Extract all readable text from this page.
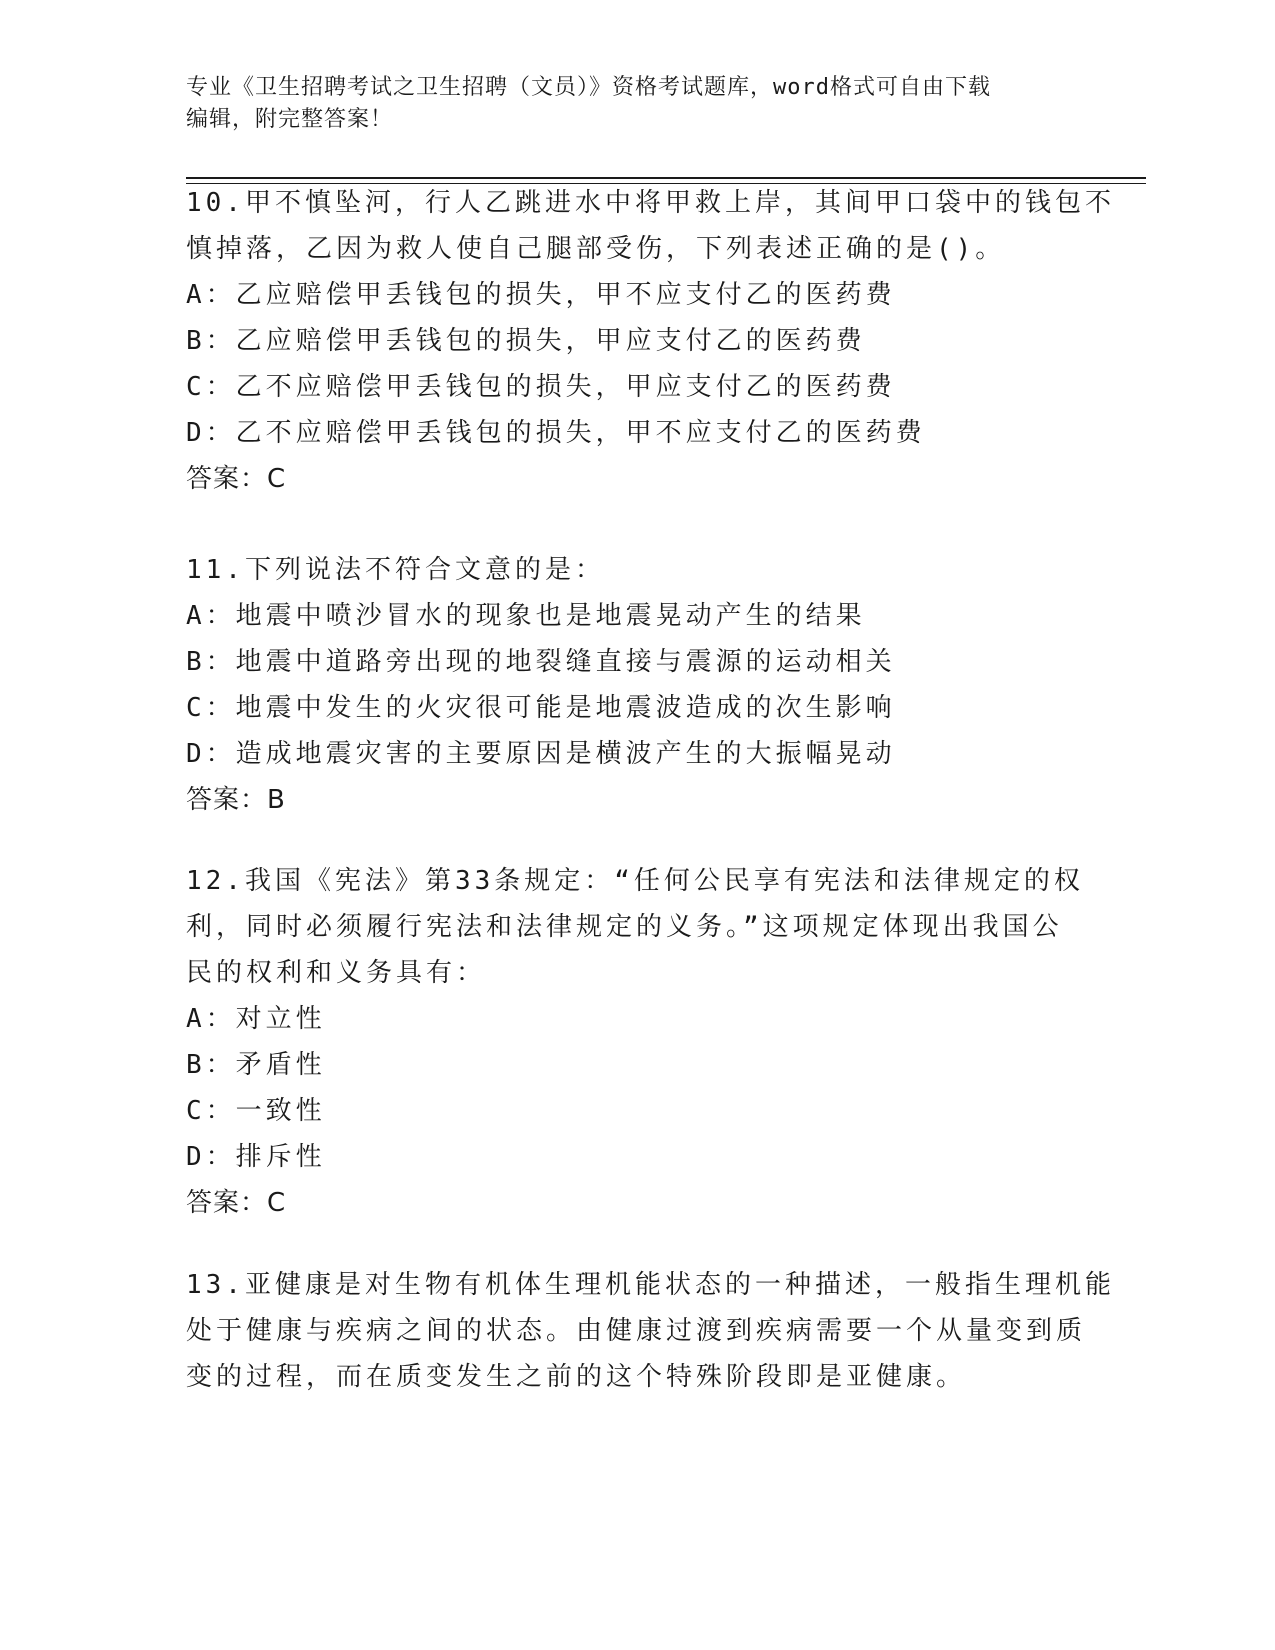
专业《卫生招聘考试之卫生招聘（文员）》资格考试题库，word格式可自由下载
编辑，附完整答案！
10.甲不慎坠河，行人乙跳进水中将甲救上岸，其间甲口袋中的钱包不
慎掉落，乙因为救人使自己腿部受伤，下列表述正确的是()。
A：乙应赔偿甲丢钱包的损失，甲不应支付乙的医药费
B：乙应赔偿甲丢钱包的损失，甲应支付乙的医药费
C：乙不应赔偿甲丢钱包的损失，甲应支付乙的医药费
D：乙不应赔偿甲丢钱包的损失，甲不应支付乙的医药费
答案：C
11.下列说法不符合文意的是：
A：地震中喷沙冒水的现象也是地震晃动产生的结果
B：地震中道路旁出现的地裂缝直接与震源的运动相关
C：地震中发生的火灾很可能是地震波造成的次生影响
D：造成地震灾害的主要原因是横波产生的大振幅晃动
答案：B
12.我国《宪法》第33条规定：“任何公民享有宪法和法律规定的权
利，同时必须履行宪法和法律规定的义务。”这项规定体现出我国公
民的权利和义务具有：
A：对立性
B：矛盾性
C：一致性
D：排斥性
答案：C
13.亚健康是对生物有机体生理机能状态的一种描述，一般指生理机能
处于健康与疾病之间的状态。由健康过渡到疾病需要一个从量变到质
变的过程，而在质变发生之前的这个特殊阶段即是亚健康。
